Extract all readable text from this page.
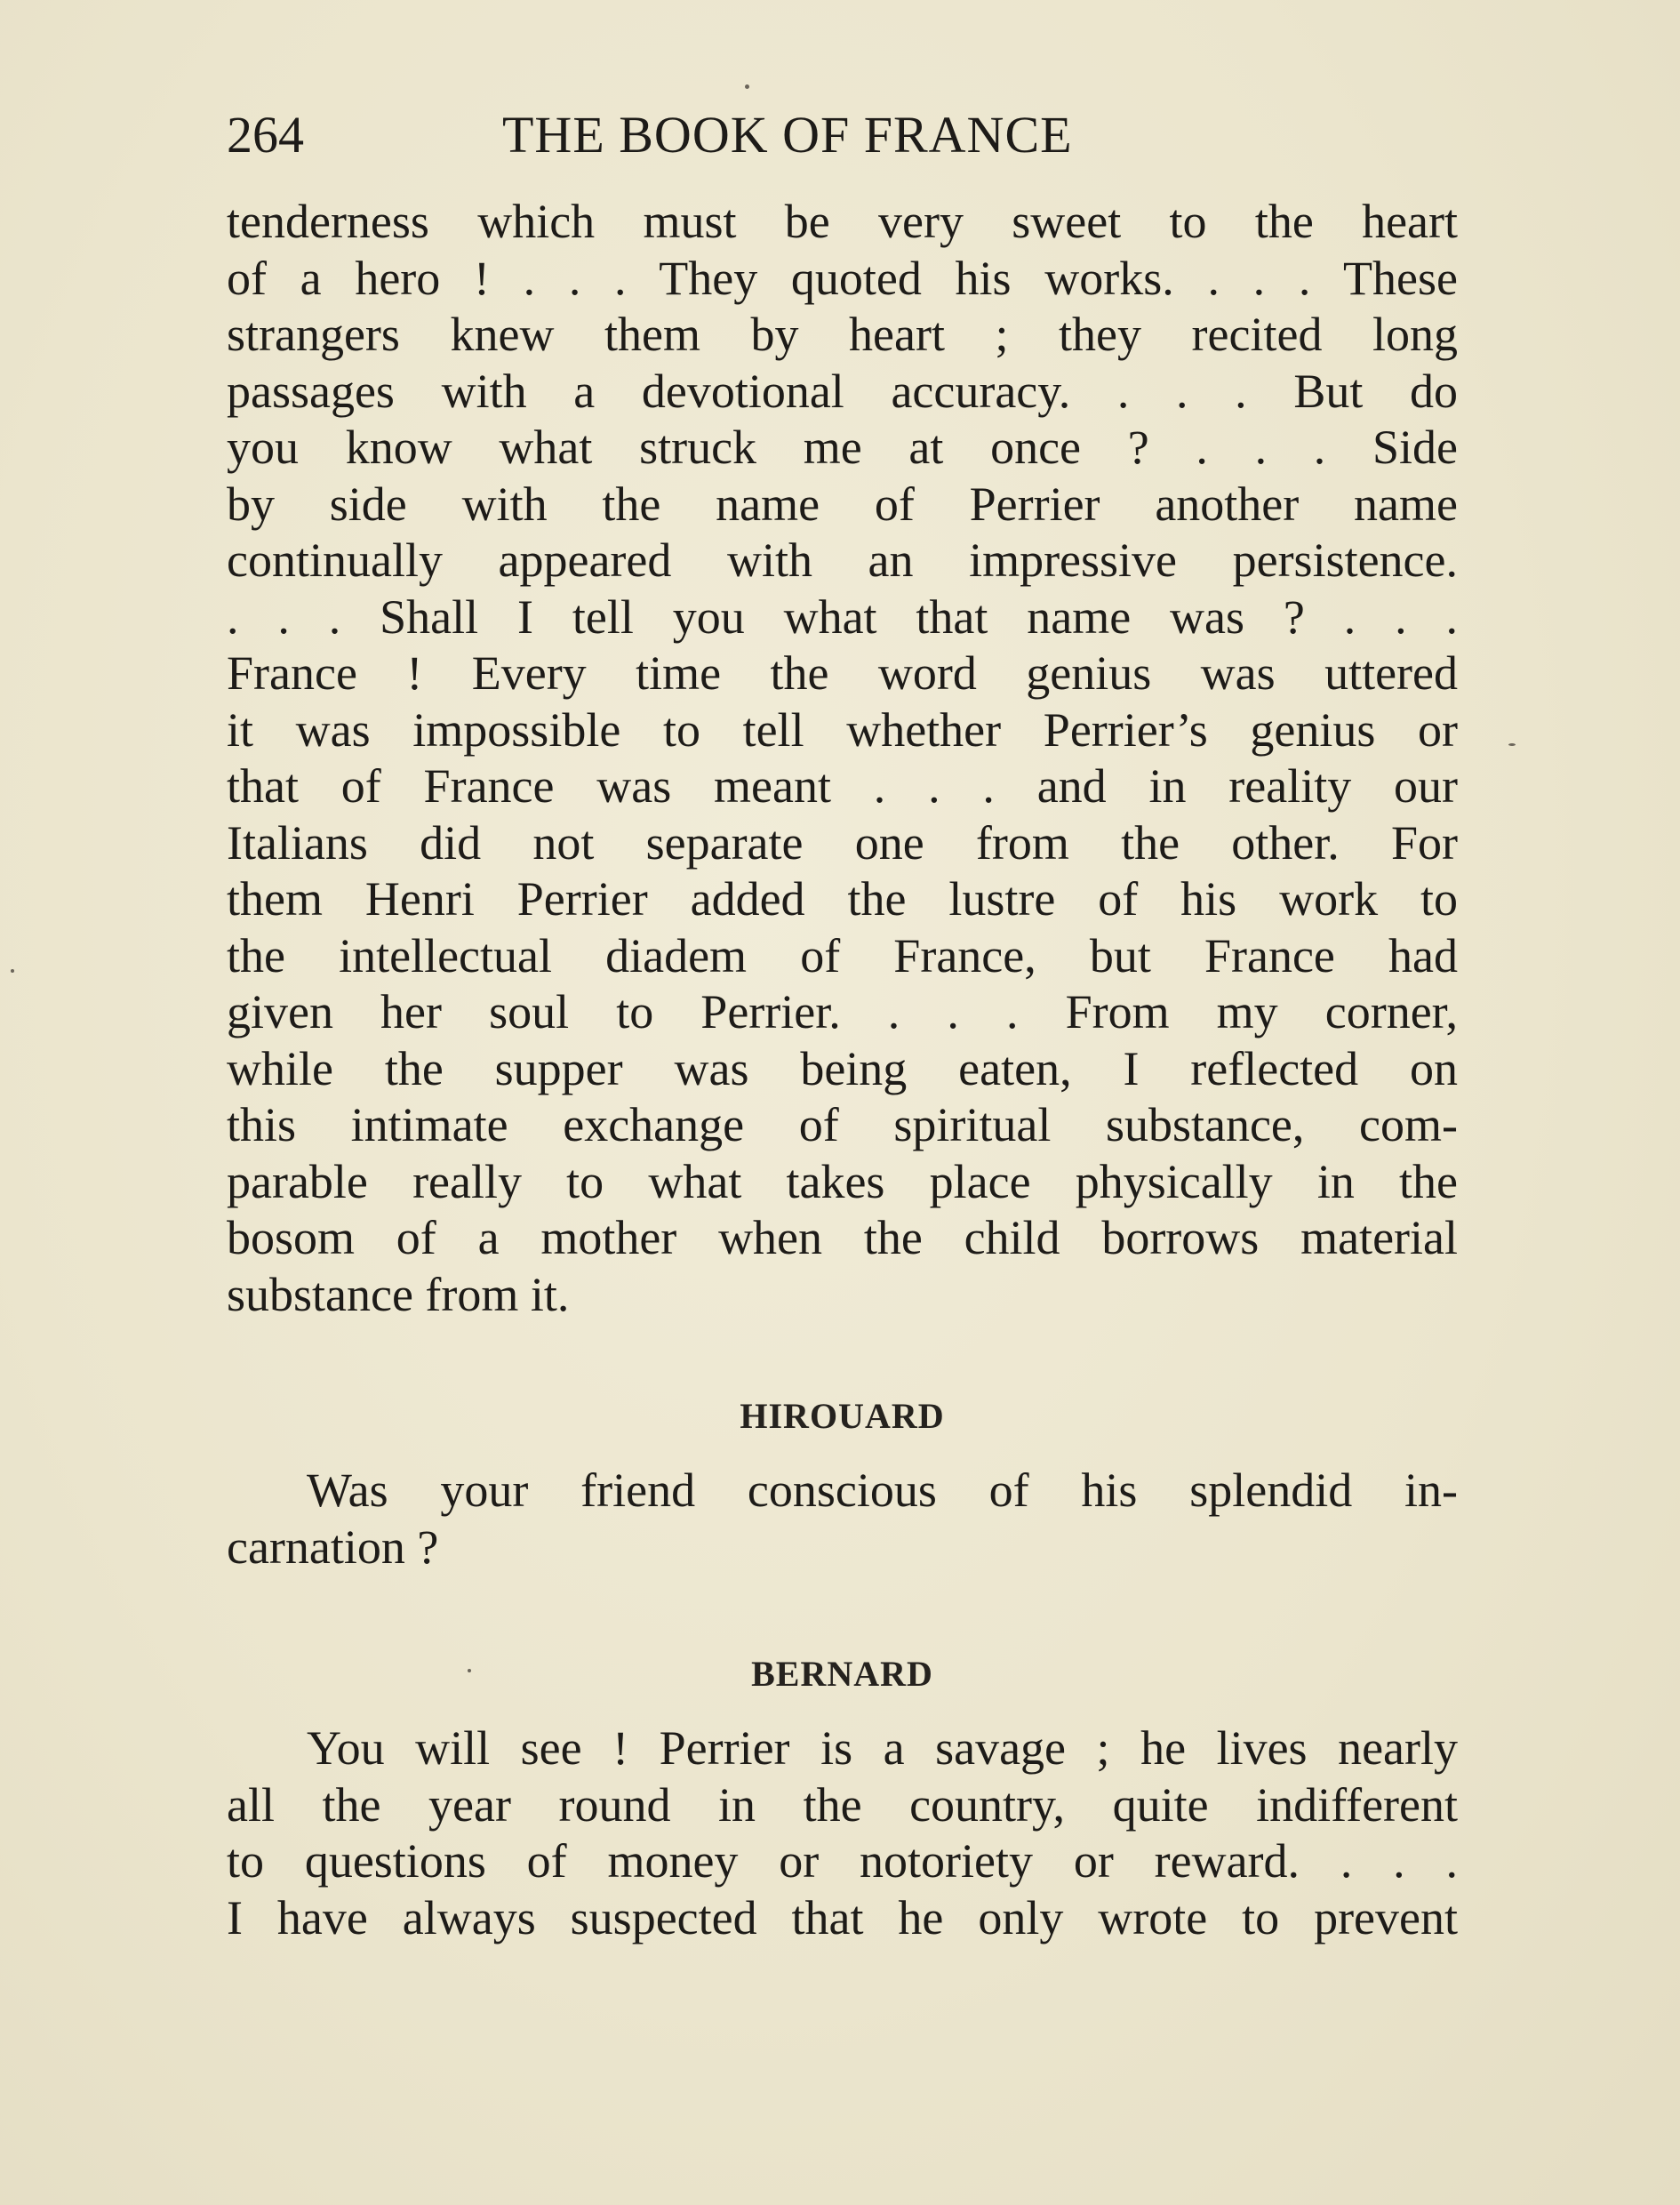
264	THE BOOK OF FRANCE
tenderness which must be very sweet to the heart
of a hero ! . . . They quoted his works. . . . These
strangers knew them by heart ; they recited long
passages with a devotional accuracy. . . . But do
you know what struck me at once ? . . . Side
by side with the name of Perrier another name
continually appeared with an impressive persistence.
. . . Shall I tell you what that name was ? . . .
France ! Every time the word genius was uttered
it was impossible to tell whether Perrier’s genius or
that of France was meant . . . and in reality our
Italians did not separate one from the other. For
them Henri Perrier added the lustre of his work to
the intellectual diadem of France, but France had
given her soul to Perrier. . . . From my corner,
while the supper was being eaten, I reflected on
this intimate exchange of spiritual substance, com-
parable really to what takes place physically in the
bosom of a mother when the child borrows material
substance from it.
HIROUARD
Was your friend conscious of his splendid in-
carnation ?
BERNARD
You will see ! Perrier is a savage ; he lives nearly
all the year round in the country, quite indifferent
to questions of money or notoriety or reward. . . .
I have always suspected that he only wrote to prevent
